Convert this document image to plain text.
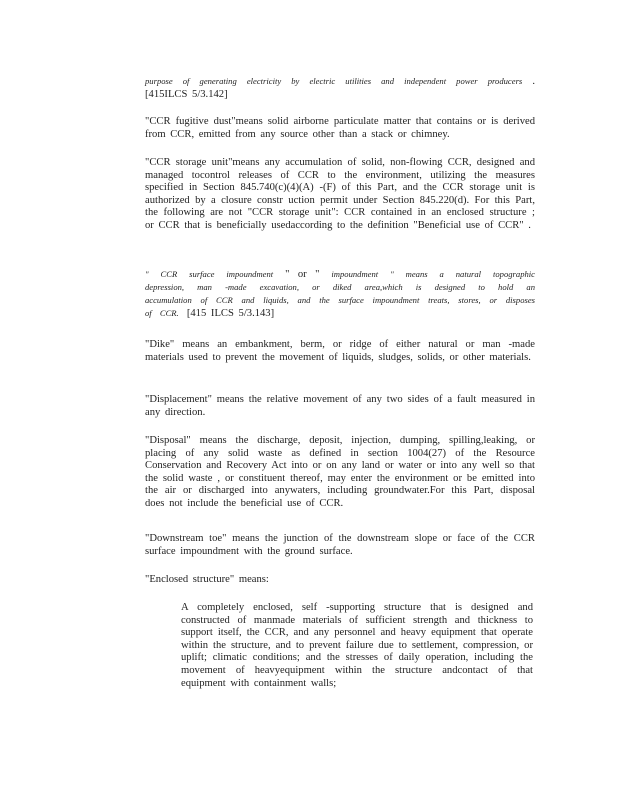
purpose of generating electricity by electric utilities and independent power producers . [415ILCS 5/3.142]

"CCR fugitive dust"means solid airborne particulate matter that contains or is derived from CCR, emitted from any source other than a stack or chimney.

"CCR storage unit"means any accumulation of solid, non-flowing CCR, designed and managed tocontrol releases of CCR to the environment, utilizing the measures specified in Section 845.740(c)(4)(A) -(F) of this Part, and the CCR storage unit is authorized by a closure constr uction permit under Section 845.220(d). For this Part, the following are not "CCR storage unit": CCR contained in an enclosed structure ; or CCR that is beneficially usedaccording to the definition "Beneficial use of CCR" .

" CCR surface impoundment " or " impoundment " means a natural topographic depression, man -made excavation, or diked area,which is designed to hold an accumulation of CCR and liquids, and the surface impoundment treats, stores, or disposes of CCR. [415 ILCS 5/3.143]

"Dike" means an embankment, berm, or ridge of either natural or man -made materials used to prevent the movement of liquids, sludges, solids, or other materials.

"Displacement" means the relative movement of any two sides of a fault measured in any direction.

"Disposal" means the discharge, deposit, injection, dumping, spilling,leaking, or placing of any solid waste as defined in section 1004(27) of the Resource Conservation and Recovery Act into or on any land or water or into any well so that the solid waste , or constituent thereof, may enter the environment or be emitted into the air or discharged into anywaters, including groundwater.For this Part, disposal does not include the beneficial use of CCR.

"Downstream toe" means the junction of the downstream slope or face of the CCR surface impoundment with the ground surface.

"Enclosed structure" means:

A completely enclosed, self -supporting structure that is designed and constructed of manmade materials of sufficient strength and thickness to support itself, the CCR, and any personnel and heavy equipment that operate within the structure, and to prevent failure due to settlement, compression, or uplift; climatic conditions; and the stresses of daily operation, including the movement of heavyequipment within the structure andcontact of that equipment with containment walls;
